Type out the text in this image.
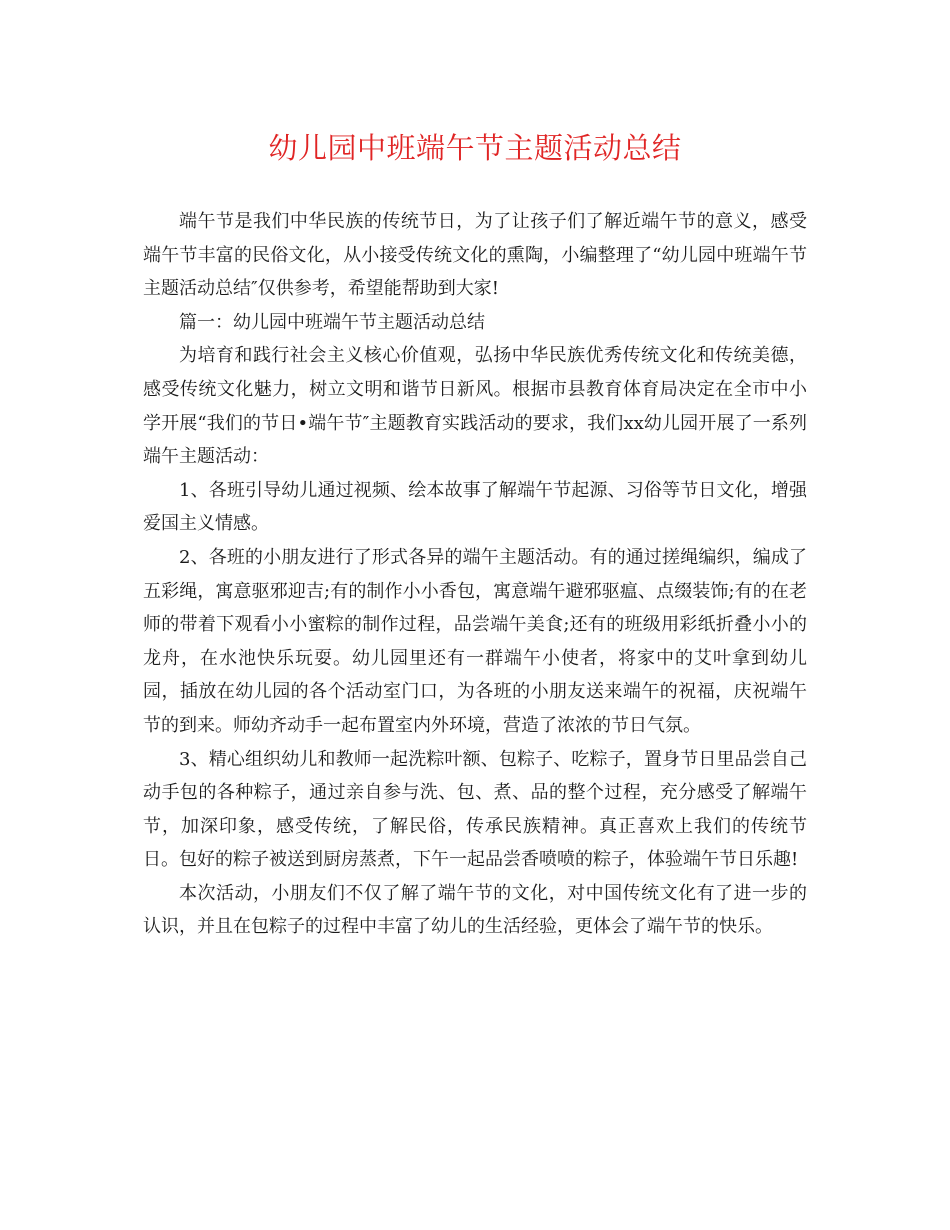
幼儿园中班端午节主题活动总结

端午节是我们中华民族的传统节日，为了让孩子们了解近端午节的意义，感受端午节丰富的民俗文化，从小接受传统文化的熏陶，小编整理了“幼儿园中班端午节主题活动总结″仅供参考，希望能帮助到大家!

篇一：幼儿园中班端午节主题活动总结

为培育和践行社会主义核心价值观，弘扬中华民族优秀传统文化和传统美德，感受传统文化魅力，树立文明和谐节日新风。根据市县教育体育局决定在全市中小学开展“我们的节日•端午节″主题教育实践活动的要求，我们xx幼儿园开展了一系列端午主题活动：

1、各班引导幼儿通过视频、绘本故事了解端午节起源、习俗等节日文化，增强爱国主义情感。

2、各班的小朋友进行了形式各异的端午主题活动。有的通过搓绳编织，编成了五彩绳，寓意驱邪迎吉;有的制作小小香包，寓意端午避邪驱瘟、点缀装饰;有的在老师的带着下观看小小蜜粽的制作过程，品尝端午美食;还有的班级用彩纸折叠小小的龙舟，在水池快乐玩耍。幼儿园里还有一群端午小使者，将家中的艾叶拿到幼儿园，插放在幼儿园的各个活动室门口，为各班的小朋友送来端午的祝福，庆祝端午节的到来。师幼齐动手一起布置室内外环境，营造了浓浓的节日气氛。

3、精心组织幼儿和教师一起洗粽叶额、包粽子、吃粽子，置身节日里品尝自己动手包的各种粽子，通过亲自参与洗、包、煮、品的整个过程，充分感受了解端午节，加深印象，感受传统，了解民俗，传承民族精神。真正喜欢上我们的传统节日。包好的粽子被送到厨房蒸煮，下午一起品尝香喷喷的粽子，体验端午节日乐趣!

本次活动，小朋友们不仅了解了端午节的文化，对中国传统文化有了进一步的认识，并且在包粽子的过程中丰富了幼儿的生活经验，更体会了端午节的快乐。
